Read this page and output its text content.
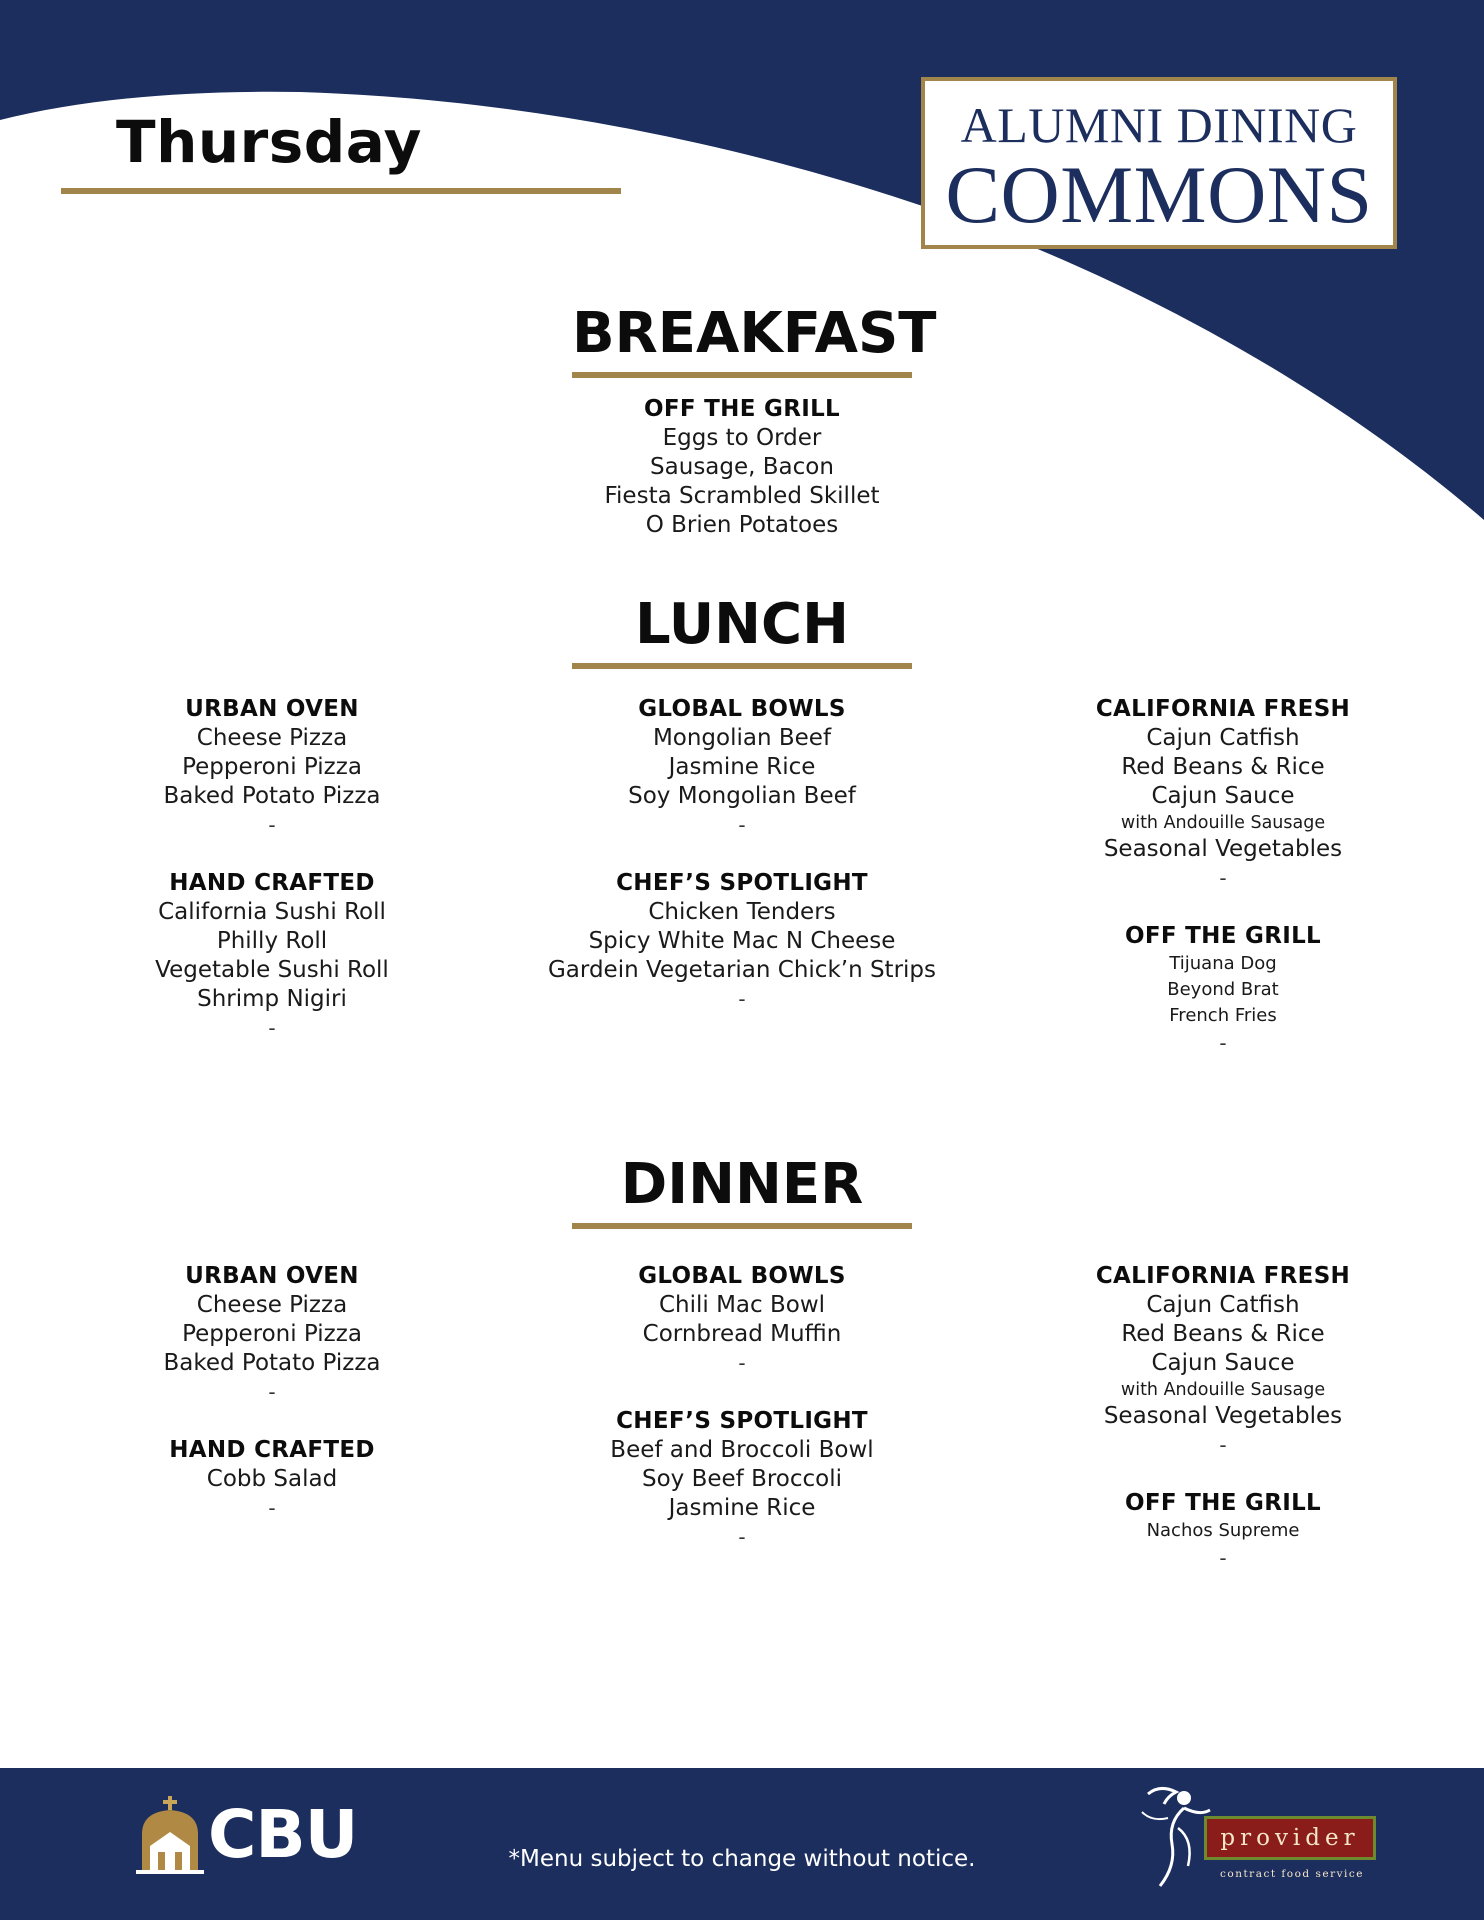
Thursday	ALUMNI DINING
COMMONS
BREAKFAST
OFF THE GRILL
Eggs to Order
Sausage, Bacon
Fiesta Scrambled Skillet
O Brien Potatoes
LUNCH
URBAN OVEN
Cheese Pizza
Pepperoni Pizza
Baked Potato Pizza
-
HAND CRAFTED
California Sushi Roll
Philly Roll
Vegetable Sushi Roll
Shrimp Nigiri
-
GLOBAL BOWLS
Mongolian Beef
Jasmine Rice
Soy Mongolian Beef
-
CHEF’S SPOTLIGHT
Chicken Tenders
Spicy White Mac N Cheese
Gardein Vegetarian Chick’n Strips
-
CALIFORNIA FRESH
Cajun Catfish
Red Beans & Rice
Cajun Sauce
with Andouille Sausage
Seasonal Vegetables
-
OFF THE GRILL
Tijuana Dog
Beyond Brat
French Fries
-
DINNER
URBAN OVEN
Cheese Pizza
Pepperoni Pizza
Baked Potato Pizza
-
HAND CRAFTED
Cobb Salad
-
GLOBAL BOWLS
Chili Mac Bowl
Cornbread Muffin
-
CHEF’S SPOTLIGHT
Beef and Broccoli Bowl
Soy Beef Broccoli
Jasmine Rice
-
CALIFORNIA FRESH
Cajun Catfish
Red Beans & Rice
Cajun Sauce
with Andouille Sausage
Seasonal Vegetables
-
OFF THE GRILL
Nachos Supreme
-
CBU	*Menu subject to change without notice.
provider
contract food service
